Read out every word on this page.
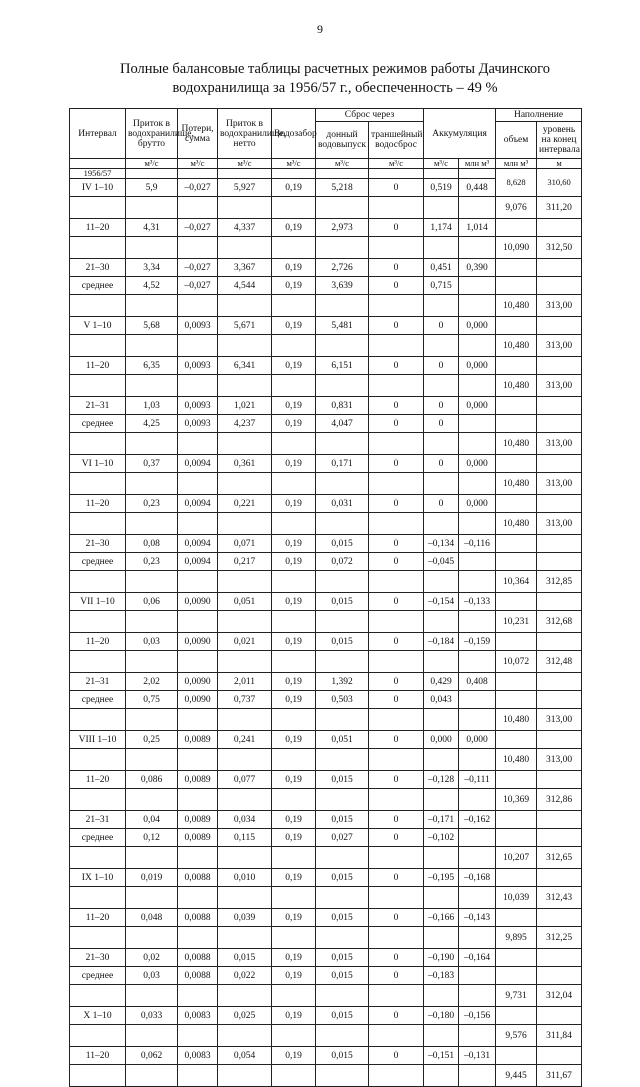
9
Полные балансовые таблицы расчетных режимов работы Дачинского
водохранилища за 1956/57 г., обеспеченность – 49 %
Интервал	Приток в водохранилище, брутто	Потери, сумма	Приток в водохранилище, нетто	Водозабор	Сброс через		Аккумуляция		Наполнение	
					донный водовыпуск	траншейный водосброс			объем	уровень на конец интервала
	м³/с	м³/с	м³/с	м³/с	м³/с	м³/с	м³/с	млн м³	млн м³	м
1956/57									8,628	310,60
IV 1–10	5,9	–0,027	5,927	0,19	5,218	0	0,519	0,448		
									9,076	311,20
11–20	4,31	–0,027	4,337	0,19	2,973	0	1,174	1,014		
									10,090	312,50
21–30	3,34	–0,027	3,367	0,19	2,726	0	0,451	0,390		
среднее	4,52	–0,027	4,544	0,19	3,639	0	0,715			
									10,480	313,00
V 1–10	5,68	0,0093	5,671	0,19	5,481	0	0	0,000		
									10,480	313,00
11–20	6,35	0,0093	6,341	0,19	6,151	0	0	0,000		
									10,480	313,00
21–31	1,03	0,0093	1,021	0,19	0,831	0	0	0,000		
среднее	4,25	0,0093	4,237	0,19	4,047	0	0			
									10,480	313,00
VI 1–10	0,37	0,0094	0,361	0,19	0,171	0	0	0,000		
									10,480	313,00
11–20	0,23	0,0094	0,221	0,19	0,031	0	0	0,000		
									10,480	313,00
21–30	0,08	0,0094	0,071	0,19	0,015	0	–0,134	–0,116		
среднее	0,23	0,0094	0,217	0,19	0,072	0	–0,045			
									10,364	312,85
VII 1–10	0,06	0,0090	0,051	0,19	0,015	0	–0,154	–0,133		
									10,231	312,68
11–20	0,03	0,0090	0,021	0,19	0,015	0	–0,184	–0,159		
									10,072	312,48
21–31	2,02	0,0090	2,011	0,19	1,392	0	0,429	0,408		
среднее	0,75	0,0090	0,737	0,19	0,503	0	0,043			
									10,480	313,00
VIII 1–10	0,25	0,0089	0,241	0,19	0,051	0	0,000	0,000		
									10,480	313,00
11–20	0,086	0,0089	0,077	0,19	0,015	0	–0,128	–0,111		
									10,369	312,86
21–31	0,04	0,0089	0,034	0,19	0,015	0	–0,171	–0,162		
среднее	0,12	0,0089	0,115	0,19	0,027	0	–0,102			
									10,207	312,65
IX 1–10	0,019	0,0088	0,010	0,19	0,015	0	–0,195	–0,168		
									10,039	312,43
11–20	0,048	0,0088	0,039	0,19	0,015	0	–0,166	–0,143		
									9,895	312,25
21–30	0,02	0,0088	0,015	0,19	0,015	0	–0,190	–0,164		
среднее	0,03	0,0088	0,022	0,19	0,015	0	–0,183			
									9,731	312,04
X 1–10	0,033	0,0083	0,025	0,19	0,015	0	–0,180	–0,156		
									9,576	311,84
11–20	0,062	0,0083	0,054	0,19	0,015	0	–0,151	–0,131		
									9,445	311,67
